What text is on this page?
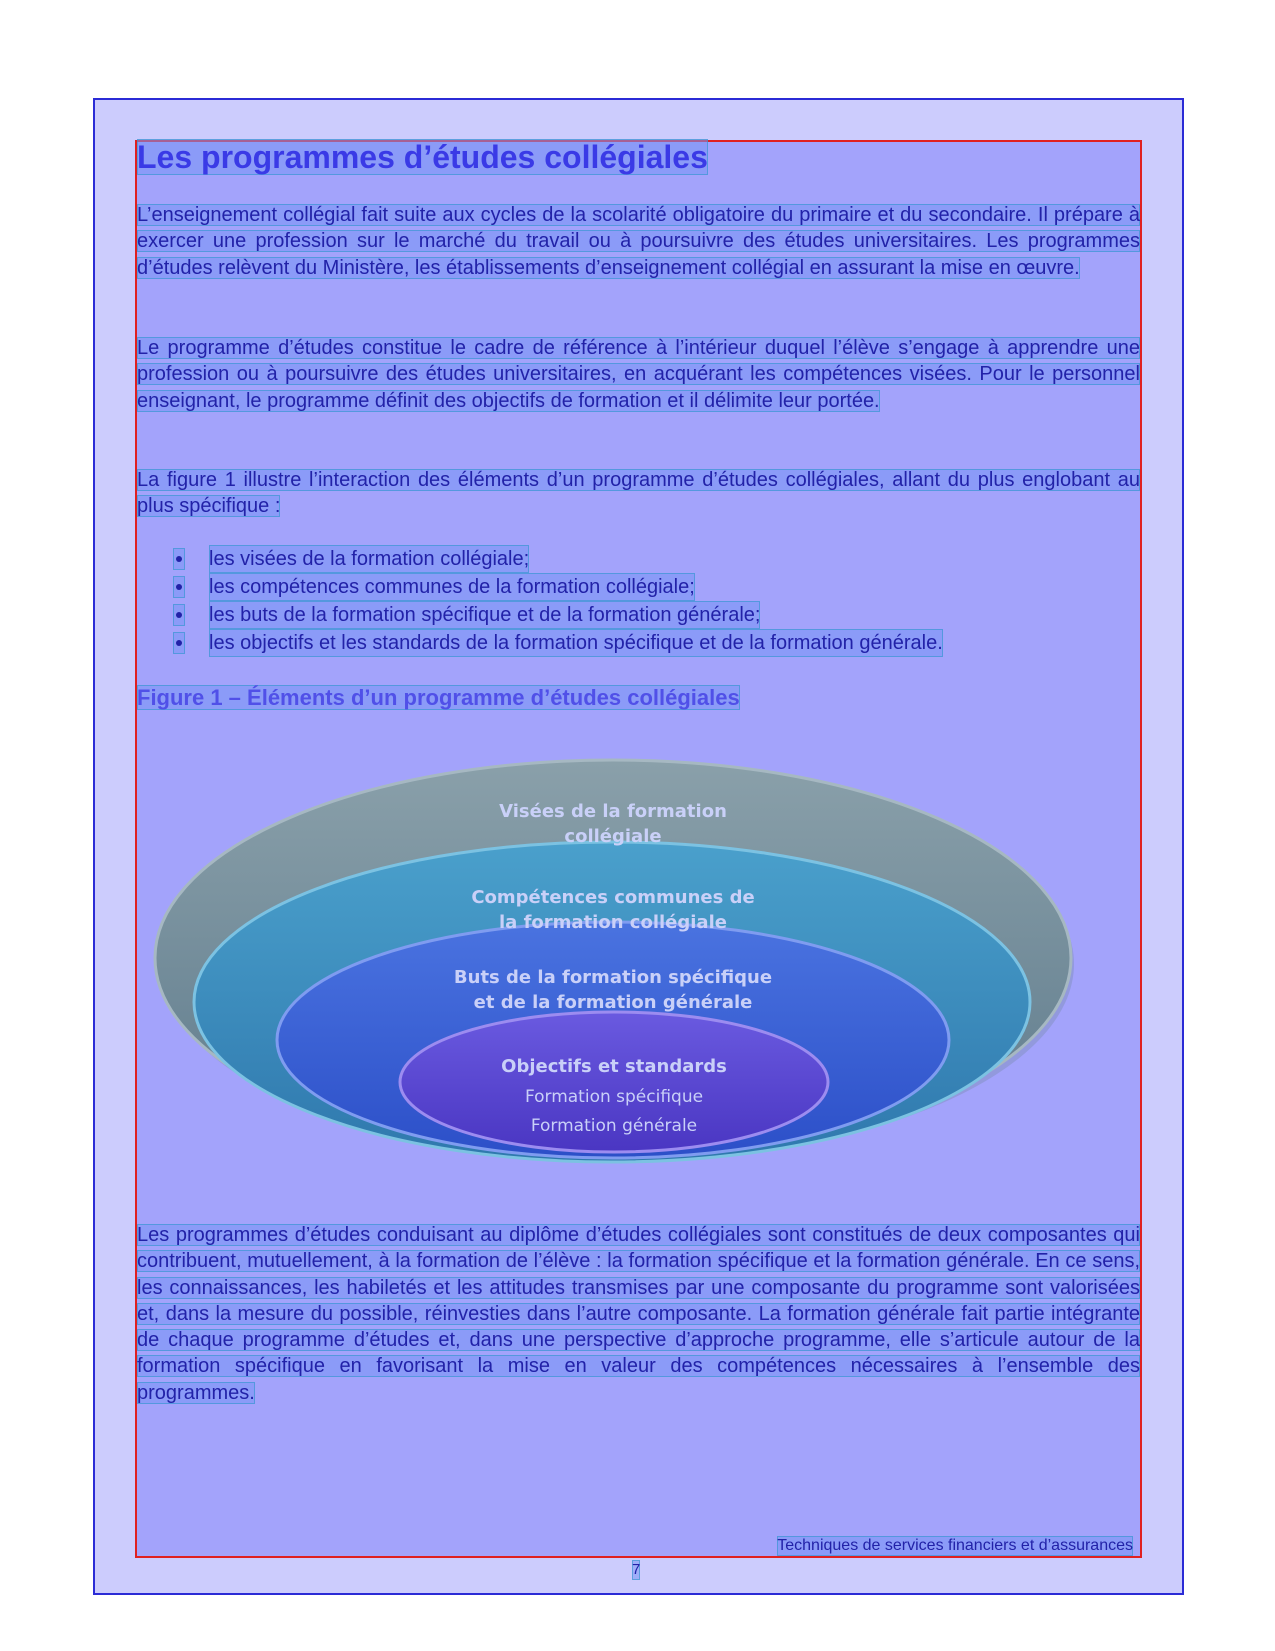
Les programmes d’études collégiales

L’enseignement collégial fait suite aux cycles de la scolarité obligatoire du primaire et du secondaire. Il prépare à exercer une profession sur le marché du travail ou à poursuivre des études universitaires. Les programmes d’études relèvent du Ministère, les établissements d’enseignement collégial en assurant la mise en œuvre.

Le programme d’études constitue le cadre de référence à l’intérieur duquel l’élève s’engage à apprendre une profession ou à poursuivre des études universitaires, en acquérant les compétences visées. Pour le personnel enseignant, le programme définit des objectifs de formation et il délimite leur portée.

La figure 1 illustre l’interaction des éléments d’un programme d’études collégiales, allant du plus englobant au plus spécifique :

les visées de la formation collégiale;
les compétences communes de la formation collégiale;
les buts de la formation spécifique et de la formation générale;
les objectifs et les standards de la formation spécifique et de la formation générale.

Figure 1 – Éléments d’un programme d’études collégiales

Visées de la formation
collégiale
Compétences communes de
la formation collégiale
Buts de la formation spécifique
et de la formation générale
Objectifs et standards
Formation spécifique
Formation générale

Les programmes d’études conduisant au diplôme d’études collégiales sont constitués de deux composantes qui contribuent, mutuellement, à la formation de l’élève : la formation spécifique et la formation générale. En ce sens, les connaissances, les habiletés et les attitudes transmises par une composante du programme sont valorisées et, dans la mesure du possible, réinvesties dans l’autre composante. La formation générale fait partie intégrante de chaque programme d’études et, dans une perspective d’approche programme, elle s’articule autour de la formation spécifique en favorisant la mise en valeur des compétences nécessaires à l’ensemble des programmes.

Techniques de services financiers et d’assurances
7
